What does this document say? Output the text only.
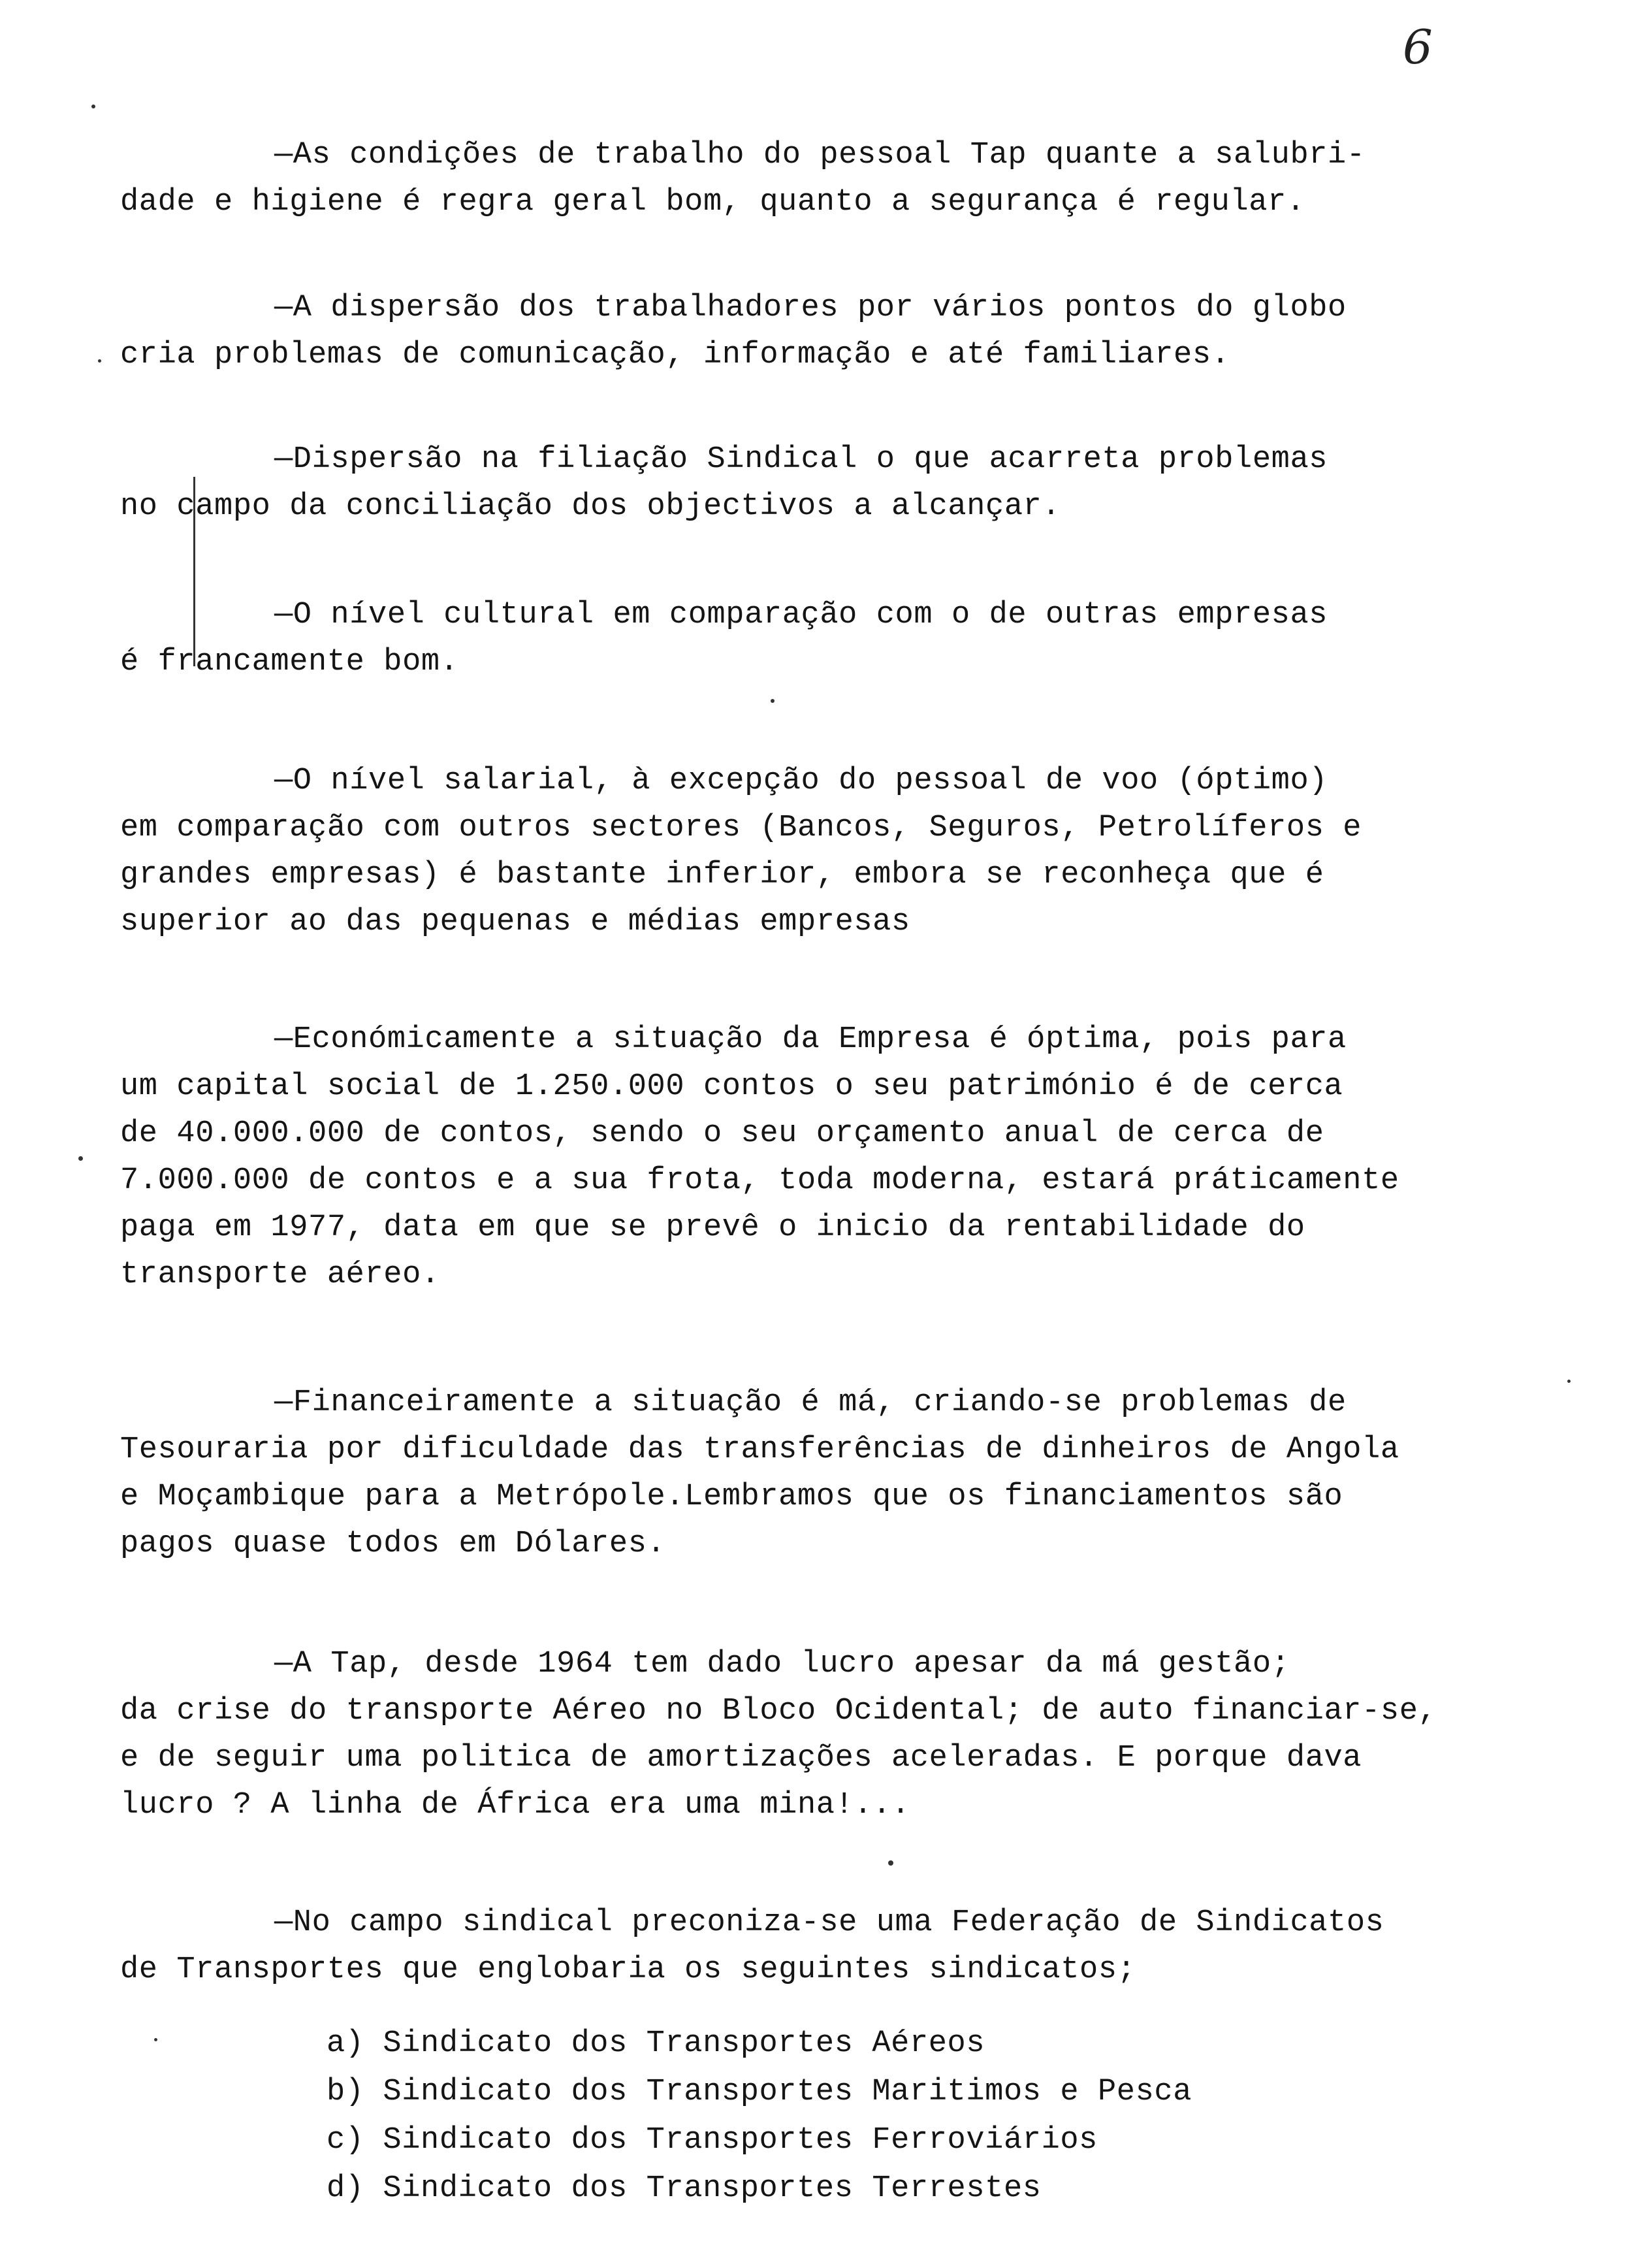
6
—As condições de trabalho do pessoal Tap quante a salubri-
dade e higiene é regra geral bom, quanto a segurança é regular.
—A dispersão dos trabalhadores por vários pontos do globo
cria problemas de comunicação, informação e até familiares.
—Dispersão na filiação Sindical o que acarreta problemas
no campo da conciliação dos objectivos a alcançar.
—O nível cultural em comparação com o de outras empresas
é francamente bom.
—O nível salarial, à excepção do pessoal de voo (óptimo)
em comparação com outros sectores (Bancos, Seguros, Petrolíferos e
grandes empresas) é bastante inferior, embora se reconheça que é
superior ao das pequenas e médias empresas
—Económicamente a situação da Empresa é óptima, pois para
um capital social de 1.250.000 contos o seu património é de cerca
de 40.000.000 de contos, sendo o seu orçamento anual de cerca de
7.000.000 de contos e a sua frota, toda moderna, estará práticamente
paga em 1977, data em que se prevê o inicio da rentabilidade do
transporte aéreo.
—Financeiramente a situação é má, criando-se problemas de
Tesouraria por dificuldade das transferências de dinheiros de Angola
e Moçambique para a Metrópole.Lembramos que os financiamentos são
pagos quase todos em Dólares.
—A Tap, desde 1964 tem dado lucro apesar da má gestão;
da crise do transporte Aéreo no Bloco Ocidental; de auto financiar-se,
e de seguir uma politica de amortizações aceleradas. E porque dava
lucro ? A linha de África era uma mina!...
—No campo sindical preconiza-se uma Federação de Sindicatos
de Transportes que englobaria os seguintes sindicatos;
a) Sindicato dos Transportes Aéreos
b) Sindicato dos Transportes Maritimos e Pesca
c) Sindicato dos Transportes Ferroviários
d) Sindicato dos Transportes Terrestes
